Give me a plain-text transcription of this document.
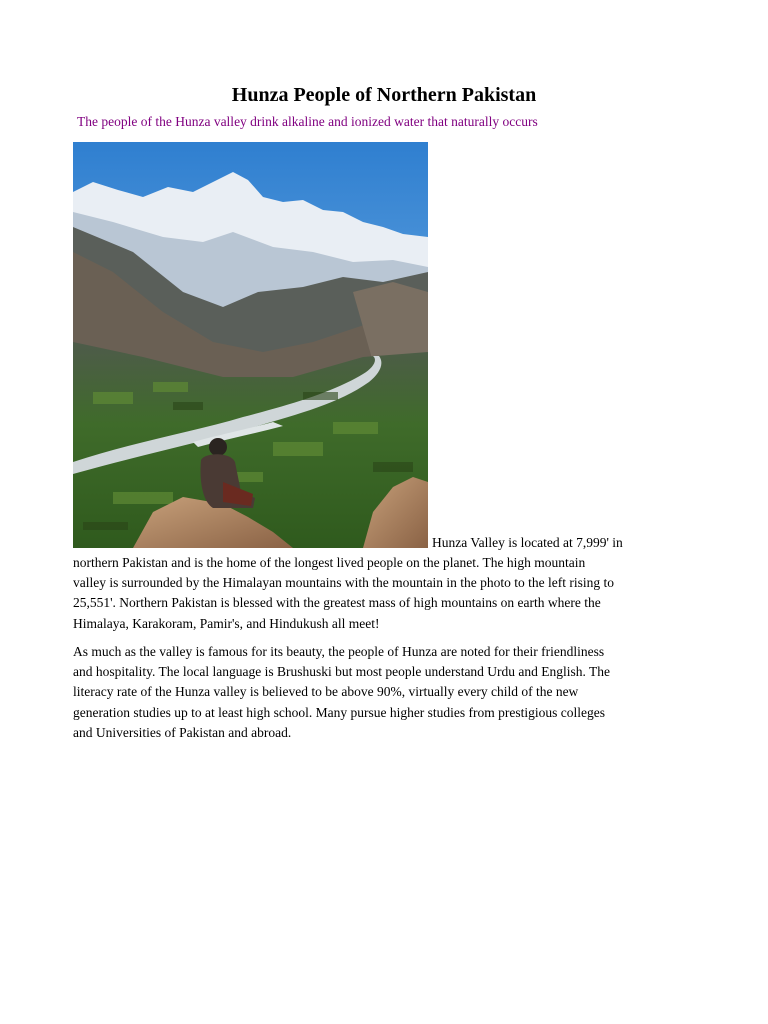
Hunza People of Northern Pakistan

The people of the Hunza valley drink alkaline and ionized water that naturally occurs

Hunza Valley is located at 7,999' in
northern Pakistan and is the home of the longest lived people on the planet. The high mountain
valley is surrounded by the Himalayan mountains with the mountain in the photo to the left rising to
25,551'. Northern Pakistan is blessed with the greatest mass of high mountains on earth where the
Himalaya, Karakoram, Pamir's, and Hindukush all meet!
As much as the valley is famous for its beauty, the people of Hunza are noted for their friendliness
and hospitality. The local language is Brushuski but most people understand Urdu and English. The
literacy rate of the Hunza valley is believed to be above 90%, virtually every child of the new
generation studies up to at least high school. Many pursue higher studies from prestigious colleges
and Universities of Pakistan and abroad.
